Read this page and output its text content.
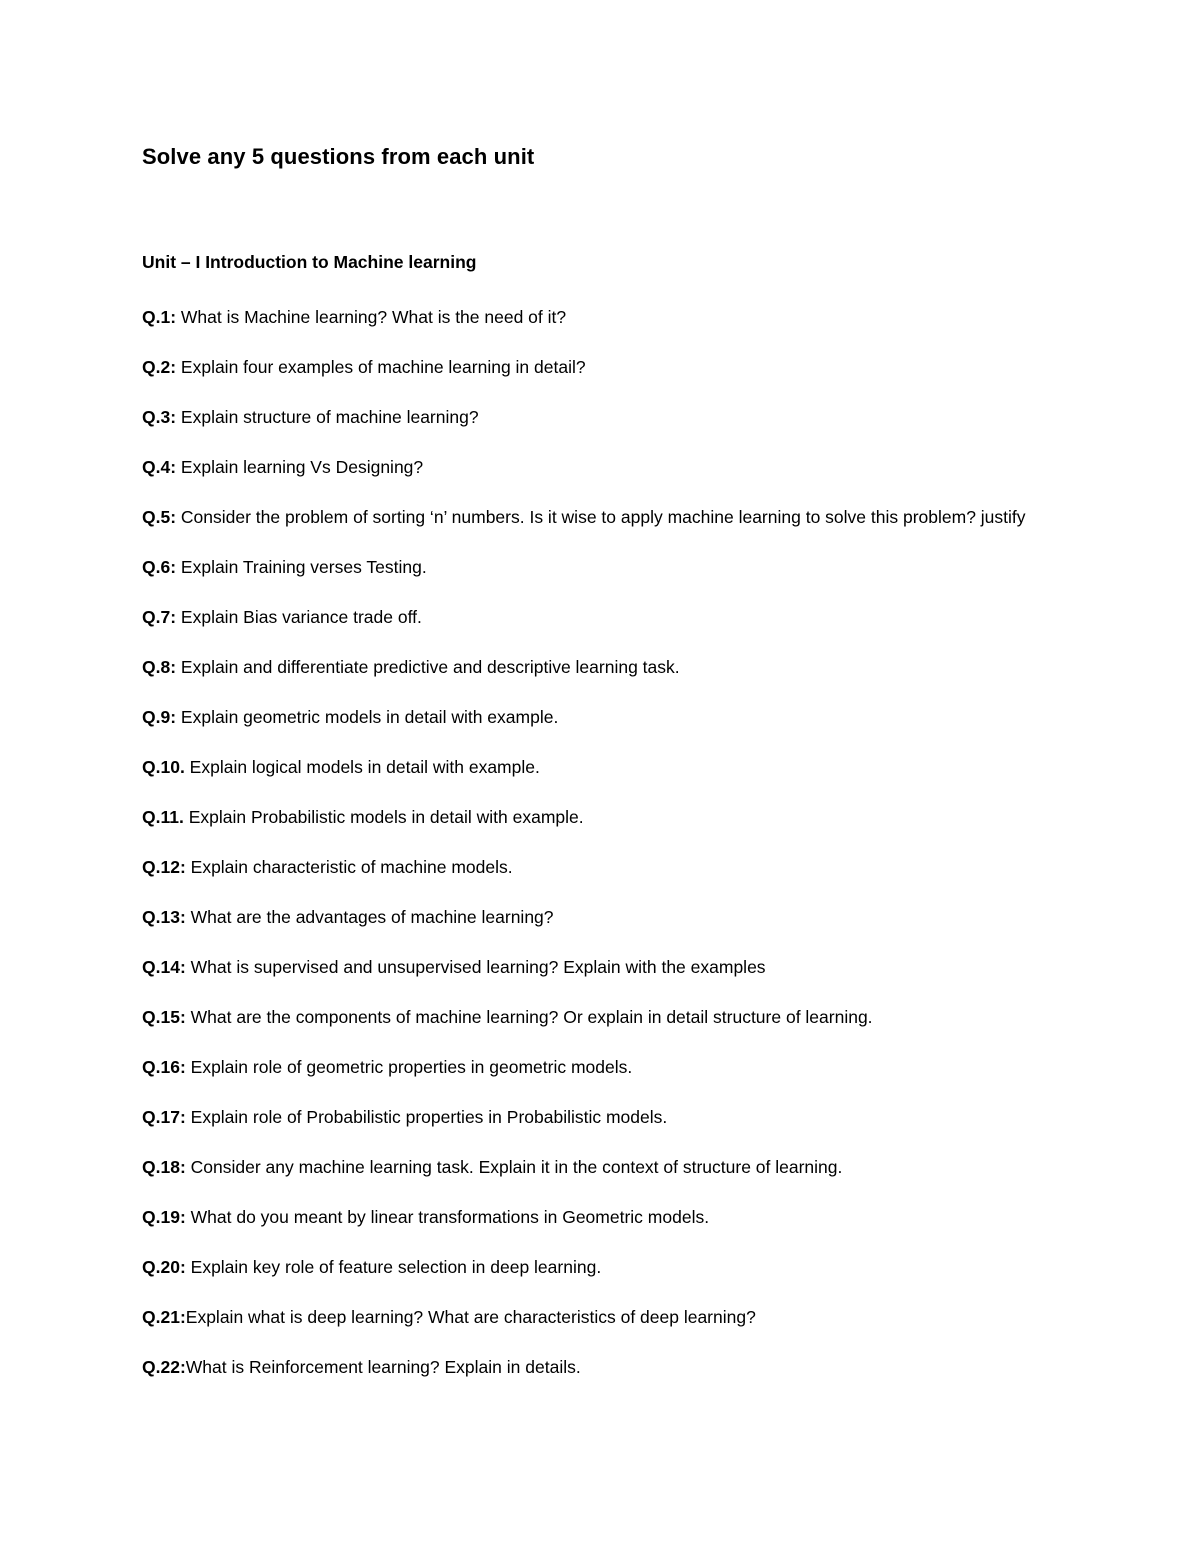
Solve any 5 questions from each unit
Unit – I Introduction to Machine learning
Q.1: What is Machine learning? What is the need of it?
Q.2: Explain four examples of machine learning in detail?
Q.3: Explain structure of machine learning?
Q.4: Explain learning Vs Designing?
Q.5: Consider the problem of sorting ‘n’ numbers. Is it wise to apply machine learning to solve this problem? justify
Q.6: Explain Training verses Testing.
Q.7: Explain Bias variance trade off.
Q.8: Explain and differentiate predictive and descriptive learning task.
Q.9: Explain geometric models in detail with example.
Q.10. Explain logical models in detail with example.
Q.11. Explain Probabilistic models in detail with example.
Q.12: Explain characteristic of machine models.
Q.13: What are the advantages of machine learning?
Q.14: What is supervised and unsupervised learning? Explain with the examples
Q.15: What are the components of machine learning? Or explain in detail structure of learning.
Q.16: Explain role of geometric properties in geometric models.
Q.17: Explain role of Probabilistic properties in Probabilistic models.
Q.18: Consider any machine learning task. Explain it in the context of structure of learning.
Q.19: What do you meant by linear transformations in Geometric models.
Q.20: Explain key role of feature selection in deep learning.
Q.21:Explain what is deep learning? What are characteristics of deep learning?
Q.22:What is Reinforcement learning? Explain in details.
